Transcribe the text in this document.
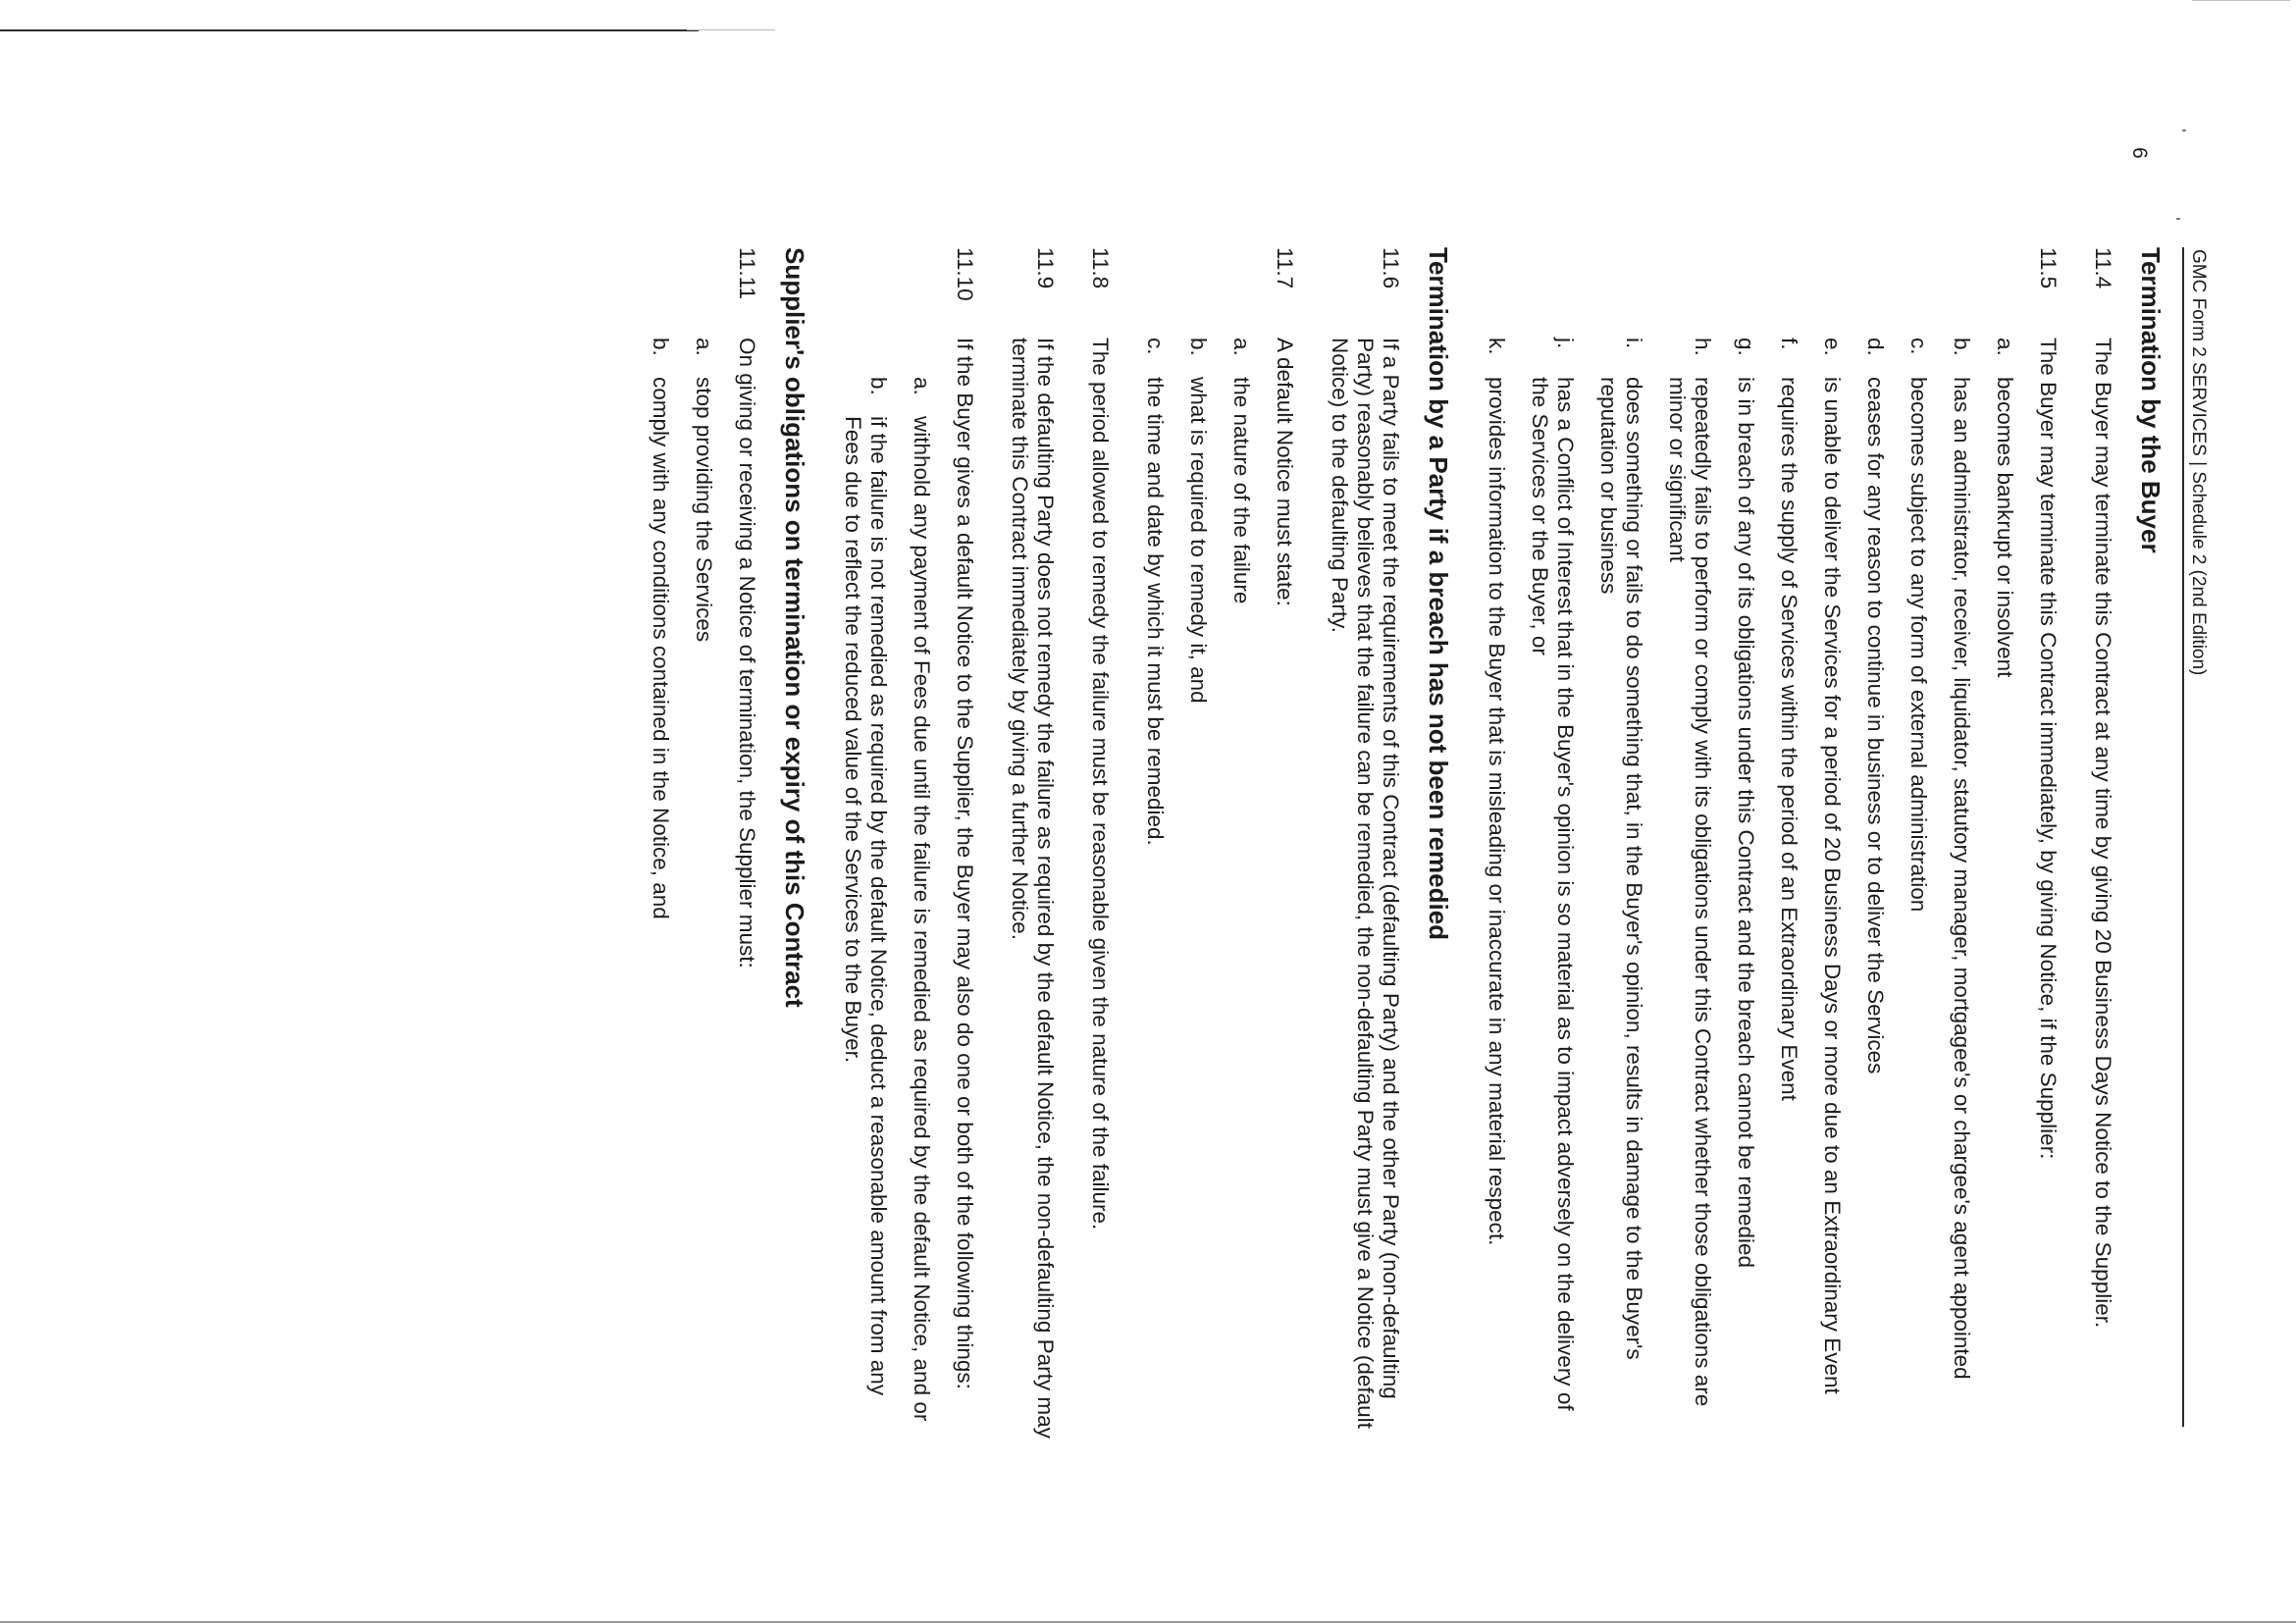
GMC Form 2 SERVICES | Schedule 2 (2nd Edition)
6
Termination by the Buyer
11.4
The Buyer may terminate this Contract at any time by giving 20 Business Days Notice to the Supplier.
11.5
The Buyer may terminate this Contract immediately, by giving Notice, if the Supplier:
a.
becomes bankrupt or insolvent
b.
has an administrator, receiver, liquidator, statutory manager, mortgagee's or chargee's agent appointed
c.
becomes subject to any form of external administration
d.
ceases for any reason to continue in business or to deliver the Services
e.
is unable to deliver the Services for a period of 20 Business Days or more due to an Extraordinary Event
f.
requires the supply of Services within the period of an Extraordinary Event
g.
is in breach of any of its obligations under this Contract and the breach cannot be remedied
h.
repeatedly fails to perform or comply with its obligations under this Contract whether those obligations are minor or significant
i.
does something or fails to do something that, in the Buyer's opinion, results in damage to the Buyer's reputation or business
j.
has a Conflict of Interest that in the Buyer's opinion is so material as to impact adversely on the delivery of the Services or the Buyer, or
k.
provides information to the Buyer that is misleading or inaccurate in any material respect.
Termination by a Party if a breach has not been remedied
11.6
If a Party fails to meet the requirements of this Contract (defaulting Party) and the other Party (non-defaulting Party) reasonably believes that the failure can be remedied, the non-defaulting Party must give a Notice (default Notice) to the defaulting Party.
11.7
A default Notice must state:
a.
the nature of the failure
b.
what is required to remedy it, and
c.
the time and date by which it must be remedied.
11.8
The period allowed to remedy the failure must be reasonable given the nature of the failure.
11.9
If the defaulting Party does not remedy the failure as required by the default Notice, the non-defaulting Party may terminate this Contract immediately by giving a further Notice.
11.10
If the Buyer gives a default Notice to the Supplier, the Buyer may also do one or both of the following things:
a.
withhold any payment of Fees due until the failure is remedied as required by the default Notice, and or
b.
if the failure is not remedied as required by the default Notice, deduct a reasonable amount from any Fees due to reflect the reduced value of the Services to the Buyer.
Supplier's obligations on termination or expiry of this Contract
11.11
On giving or receiving a Notice of termination, the Supplier must:
a.
stop providing the Services
b.
comply with any conditions contained in the Notice, and
